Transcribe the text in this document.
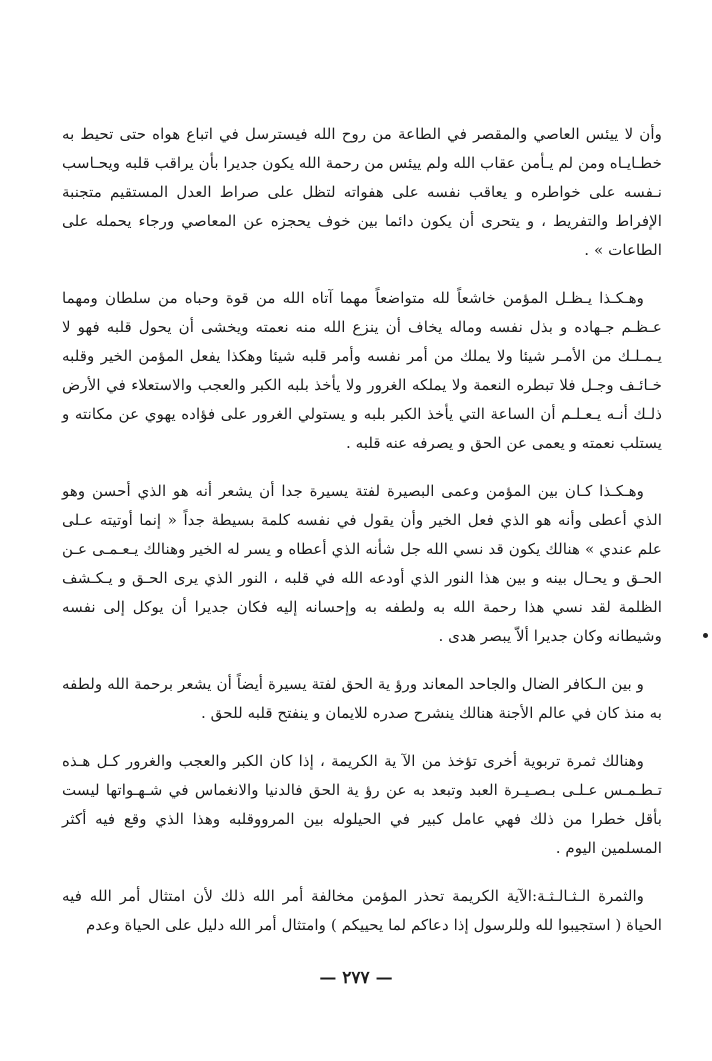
وأن لا ييئس العاصي والمقصر في الطاعة من روح الله فيسترسل في اتباع هواه حتى تحيط به خطـايـاه ومن لم يـأمن عقاب الله ولم ييئس من رحمة الله يكون جديرا بأن يراقب قلبه ويحـاسب نـفسه على خواطره و يعاقب نفسه على هفواته لتظل على صراط العدل المستقيم متجنبة الإفراط والتفريط ، و يتحرى أن يكون دائما بين خوف يحجزه عن المعاصي ورجاء يحمله على الطاعات » .

وهـكـذا يـظـل المؤمن خاشعاً لله متواضعاً مهما آتاه الله من قوة وحباه من سلطان ومهما عـظـم جـهاده و بذل نفسه وماله يخاف أن ينزع الله منه نعمته ويخشى أن يحول قلبه فهو لا يـمـلـك من الأمـر شيئا ولا يملك من أمر نفسه وأمر قلبه شيئا وهكذا يفعل المؤمن الخير وقلبه خـائـف وجـل فلا تبطره النعمة ولا يملكه الغرور ولا يأخذ بلبه الكبر والعجب والاستعلاء في الأرض ذلـك أنـه يـعـلـم أن الساعة التي يأخذ الكبر بلبه و يستولي الغرور على فؤاده يهوي عن مكانته و يستلب نعمته و يعمى عن الحق و يصرفه عنه قلبه .

وهـكـذا كـان بين المؤمن وعمى البصيرة لفتة يسيرة جدا أن يشعر أنه هو الذي أحسن وهو الذي أعطى وأنه هو الذي فعل الخير وأن يقول في نفسه كلمة بسيطة جداً « إنما أوتيته عـلى علم عندي » هنالك يكون قد نسي الله جل شأنه الذي أعطاه و يسر له الخير وهنالك يـعـمـى عـن الحـق و يحـال بينه و بين هذا النور الذي أودعه الله في قلبه ، النور الذي يرى الحـق و يـكـشف الظلمة لقد نسي هذا رحمة الله به ولطفه به وإحسانه إليه فكان جديرا أن يوكل إلى نفسه وشيطانه وكان جديرا ألاّ يبصر هدى .

و بين الـكافر الضال والجاحد المعاند ورؤ ية الحق لفتة يسيرة أيضاً أن يشعر برحمة الله ولطفه به منذ كان في عالم الأجنة هنالك ينشرح صدره للايمان و ينفتح قلبه للحق .

وهنالك ثمرة تربوية أخرى تؤخذ من الآ ية الكريمة ، إذا كان الكبر والعجب والغرور كـل هـذه تـطـمـس عـلـى بـصـيـرة العبد وتبعد به عن رؤ ية الحق فالدنيا والانغماس في شـهـواتها ليست بأقل خطرا من ذلك فهي عامل كبير في الحيلوله بين المرووقلبه وهذا الذي وقع فيه أكثر المسلمين اليوم .

والثمرة الـثـالـثـة:الآية الكريمة تحذر المؤمن مخالفة أمر الله ذلك لأن امتثال أمر الله فيه الحياة ( استجيبوا لله وللرسول إذا دعاكم لما يحييكم ) وامتثال أمر الله دليل على الحياة وعدم

— ٢٧٧ —
